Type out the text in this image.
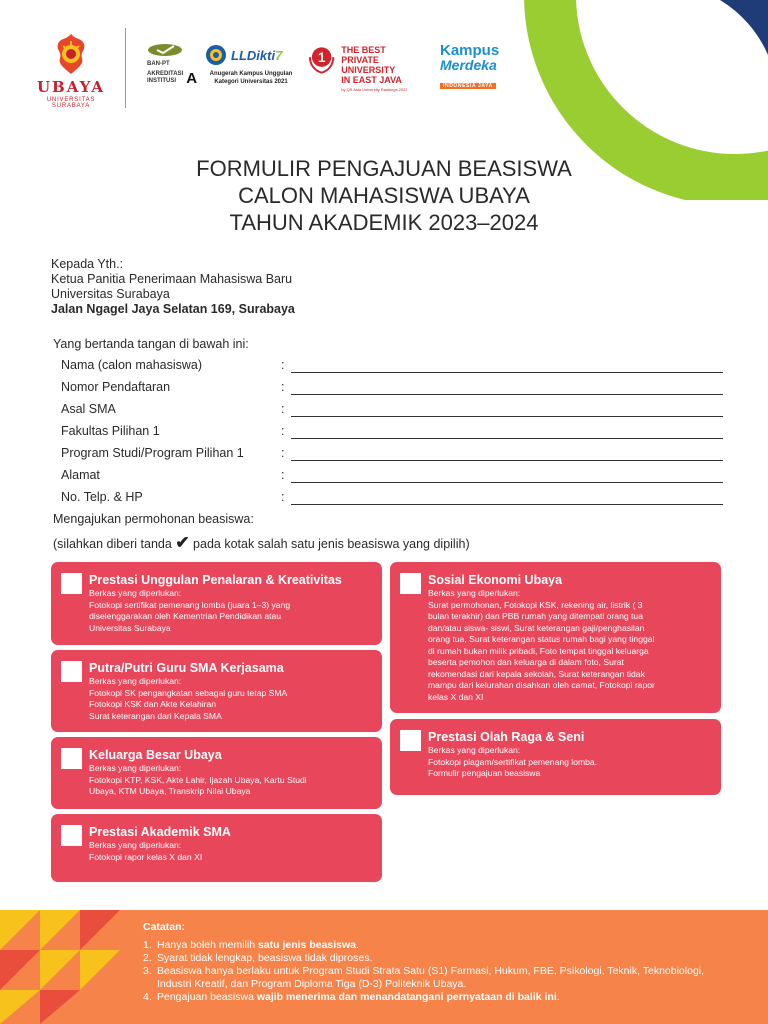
UBAYA
UNIVERSITAS SURABAYA
BAN-PT
AKREDITASI
INSTITUSI A
LLDikti7
Anugerah Kampus Unggulan
Kategori Universitas 2021
1 THE BEST
PRIVATE UNIVERSITY
IN EAST JAVA
by QS Asia University Rankings 2022
Kampus
Merdeka
INDONESIA JAYA
FORMULIR PENGAJUAN BEASISWA
CALON MAHASISWA UBAYA
TAHUN AKADEMIK 2023–2024
Kepada Yth.:
Ketua Panitia Penerimaan Mahasiswa Baru
Universitas Surabaya
Jalan Ngagel Jaya Selatan 169, Surabaya
Yang bertanda tangan di bawah ini:
Nama (calon mahasiswa)	:
Nomor Pendaftaran	:
Asal SMA	:
Fakultas Pilihan 1	:
Program Studi/Program Pilihan 1	:
Alamat	:
No. Telp. & HP	:
Mengajukan permohonan beasiswa:
(silahkan diberi tanda ✔ pada kotak salah satu jenis beasiswa yang dipilih)
Prestasi Unggulan Penalaran & Kreativitas
Berkas yang diperlukan:
Fotokopi sertifikat pemenang lomba (juara 1–3) yang
diselenggarakan oleh Kementrian Pendidikan atau
Universitas Surabaya
Putra/Putri Guru SMA Kerjasama
Berkas yang diperlukan:
Fotokopi SK pengangkatan sebagai guru tetap SMA
Fotokopi KSK dan Akte Kelahiran
Surat keterangan dari Kepala SMA
Keluarga Besar Ubaya
Berkas yang diperlukan:
Fotokopi KTP, KSK, Akte Lahir, Ijazah Ubaya, Kartu Studi
Ubaya, KTM Ubaya, Transkrip Nilai Ubaya
Prestasi Akademik SMA
Berkas yang diperlukan:
Fotokopi rapor kelas X dan XI
Sosial Ekonomi Ubaya
Berkas yang diperlukan:
Surat permohonan, Fotokopi KSK, rekening air, listrik ( 3
bulan terakhir) dan PBB rumah yang ditempati orang tua
dan/atau siswa- siswi, Surat keterangan gaji/penghasilan
orang tua, Surat keterangan status rumah bagi yang tinggal
di rumah bukan milik pribadi, Foto tempat tinggal keluarga
beserta pemohon dan keluarga di dalam foto, Surat
rekomendasi dari kepala sekolah, Surat keterangan tidak
mampu dari kelurahan disahkan oleh camat, Fotokopi rapor
kelas X dan XI
Prestasi Olah Raga & Seni
Berkas yang diperlukan:
Fotokopi piagam/sertifikat pemenang lomba.
Formulir pengajuan beasiswa
Catatan:
1. Hanya boleh memilih satu jenis beasiswa.
2. Syarat tidak lengkap, beasiswa tidak diproses.
3. Beasiswa hanya berlaku untuk Program Studi Strata Satu (S1) Farmasi, Hukum, FBE, Psikologi, Teknik, Teknobiologi, Industri Kreatif, dan Program Diploma Tiga (D-3) Politeknik Ubaya.
4. Pengajuan beasiswa wajib menerima dan menandatangani pernyataan di balik ini.
